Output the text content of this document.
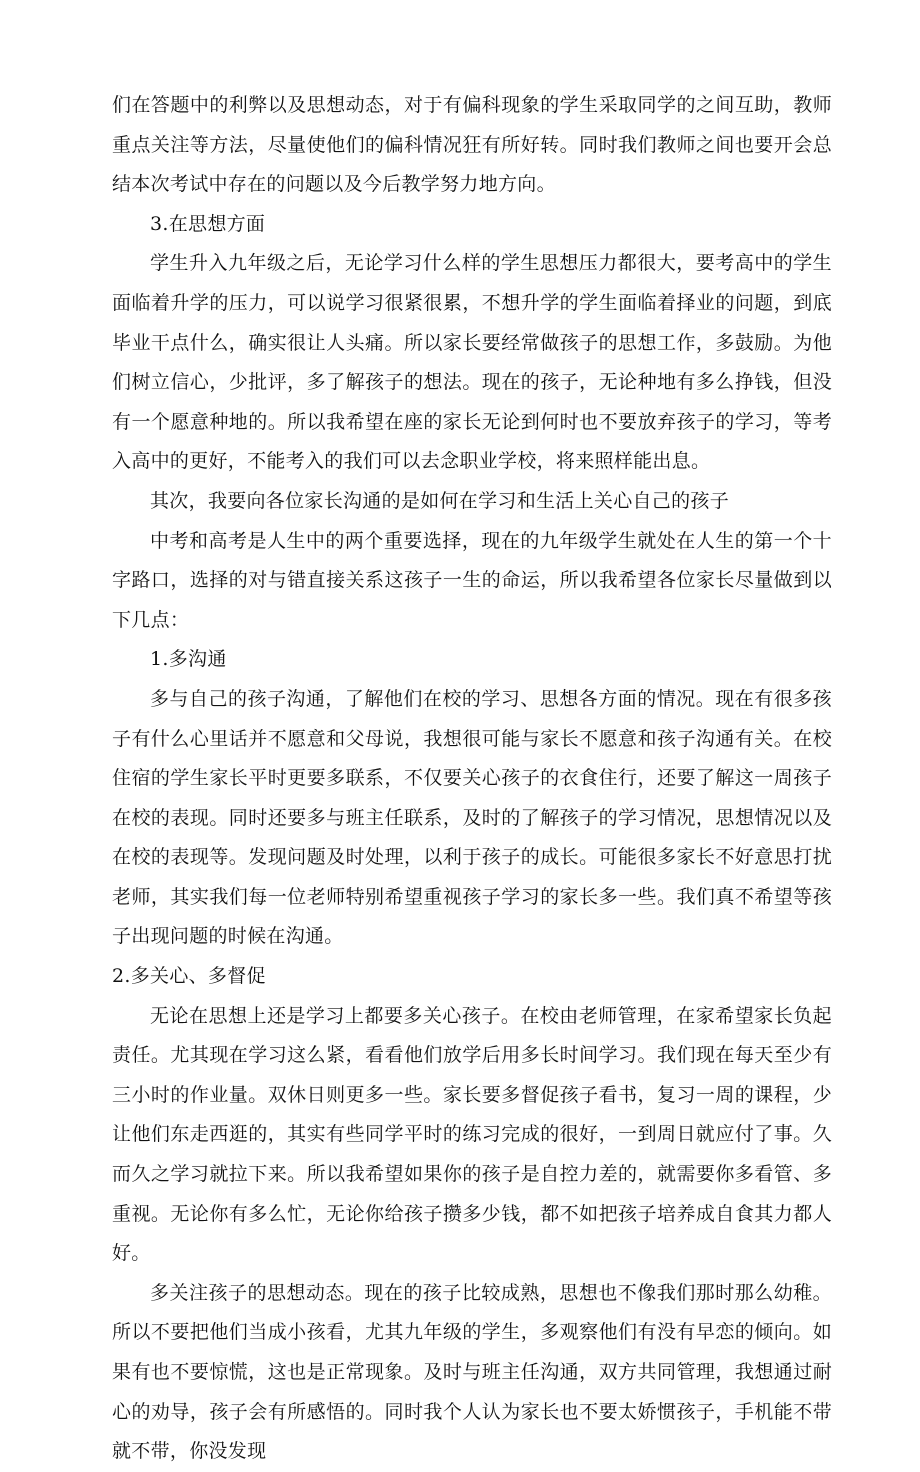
们在答题中的利弊以及思想动态，对于有偏科现象的学生采取同学的之间互助，教师重点关注等方法，尽量使他们的偏科情况狂有所好转。同时我们教师之间也要开会总结本次考试中存在的问题以及今后教学努力地方向。

3.在思想方面

学生升入九年级之后，无论学习什么样的学生思想压力都很大，要考高中的学生面临着升学的压力，可以说学习很紧很累，不想升学的学生面临着择业的问题，到底毕业干点什么，确实很让人头痛。所以家长要经常做孩子的思想工作，多鼓励。为他们树立信心，少批评，多了解孩子的想法。现在的孩子，无论种地有多么挣钱，但没有一个愿意种地的。所以我希望在座的家长无论到何时也不要放弃孩子的学习，等考入高中的更好，不能考入的我们可以去念职业学校，将来照样能出息。

其次，我要向各位家长沟通的是如何在学习和生活上关心自己的孩子

中考和高考是人生中的两个重要选择，现在的九年级学生就处在人生的第一个十字路口，选择的对与错直接关系这孩子一生的命运，所以我希望各位家长尽量做到以下几点：

1.多沟通

多与自己的孩子沟通，了解他们在校的学习、思想各方面的情况。现在有很多孩子有什么心里话并不愿意和父母说，我想很可能与家长不愿意和孩子沟通有关。在校住宿的学生家长平时更要多联系，不仅要关心孩子的衣食住行，还要了解这一周孩子在校的表现。同时还要多与班主任联系，及时的了解孩子的学习情况，思想情况以及在校的表现等。发现问题及时处理，以利于孩子的成长。可能很多家长不好意思打扰老师，其实我们每一位老师特别希望重视孩子学习的家长多一些。我们真不希望等孩子出现问题的时候在沟通。

2.多关心、多督促

无论在思想上还是学习上都要多关心孩子。在校由老师管理，在家希望家长负起责任。尤其现在学习这么紧，看看他们放学后用多长时间学习。我们现在每天至少有三小时的作业量。双休日则更多一些。家长要多督促孩子看书，复习一周的课程，少让他们东走西逛的，其实有些同学平时的练习完成的很好，一到周日就应付了事。久而久之学习就拉下来。所以我希望如果你的孩子是自控力差的，就需要你多看管、多重视。无论你有多么忙，无论你给孩子攒多少钱，都不如把孩子培养成自食其力都人好。

多关注孩子的思想动态。现在的孩子比较成熟，思想也不像我们那时那么幼稚。所以不要把他们当成小孩看，尤其九年级的学生，多观察他们有没有早恋的倾向。如果有也不要惊慌，这也是正常现象。及时与班主任沟通，双方共同管理，我想通过耐心的劝导，孩子会有所感悟的。同时我个人认为家长也不要太娇惯孩子，手机能不带就不带，你没发现
